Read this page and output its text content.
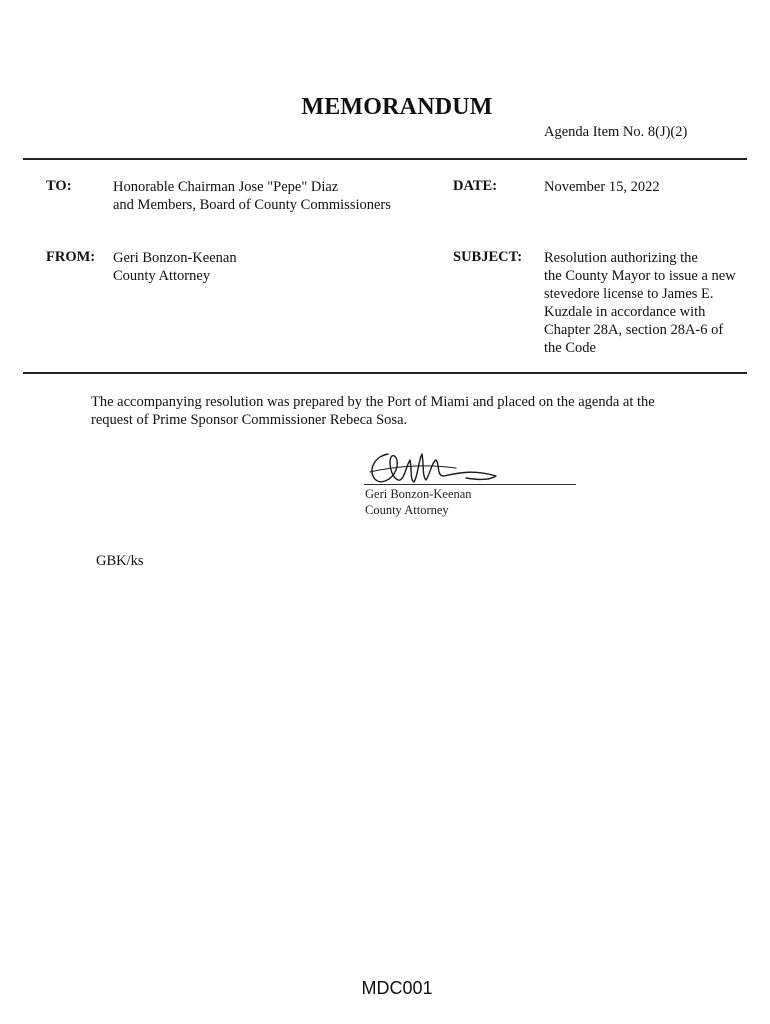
MEMORANDUM
Agenda Item No. 8(J)(2)
TO:	Honorable Chairman Jose "Pepe" Diaz
and Members, Board of County Commissioners
DATE:	November 15, 2022
FROM: Geri Bonzon-Keenan
County Attorney
SUBJECT: Resolution authorizing the
the County Mayor to issue a new
stevedore license to James E.
Kuzdale in accordance with
Chapter 28A, section 28A-6 of
the Code
The accompanying resolution was prepared by the Port of Miami and placed on the agenda at the
request of Prime Sponsor Commissioner Rebeca Sosa.
Geri Bonzon-Keenan
County Attorney
GBK/ks
MDC001
